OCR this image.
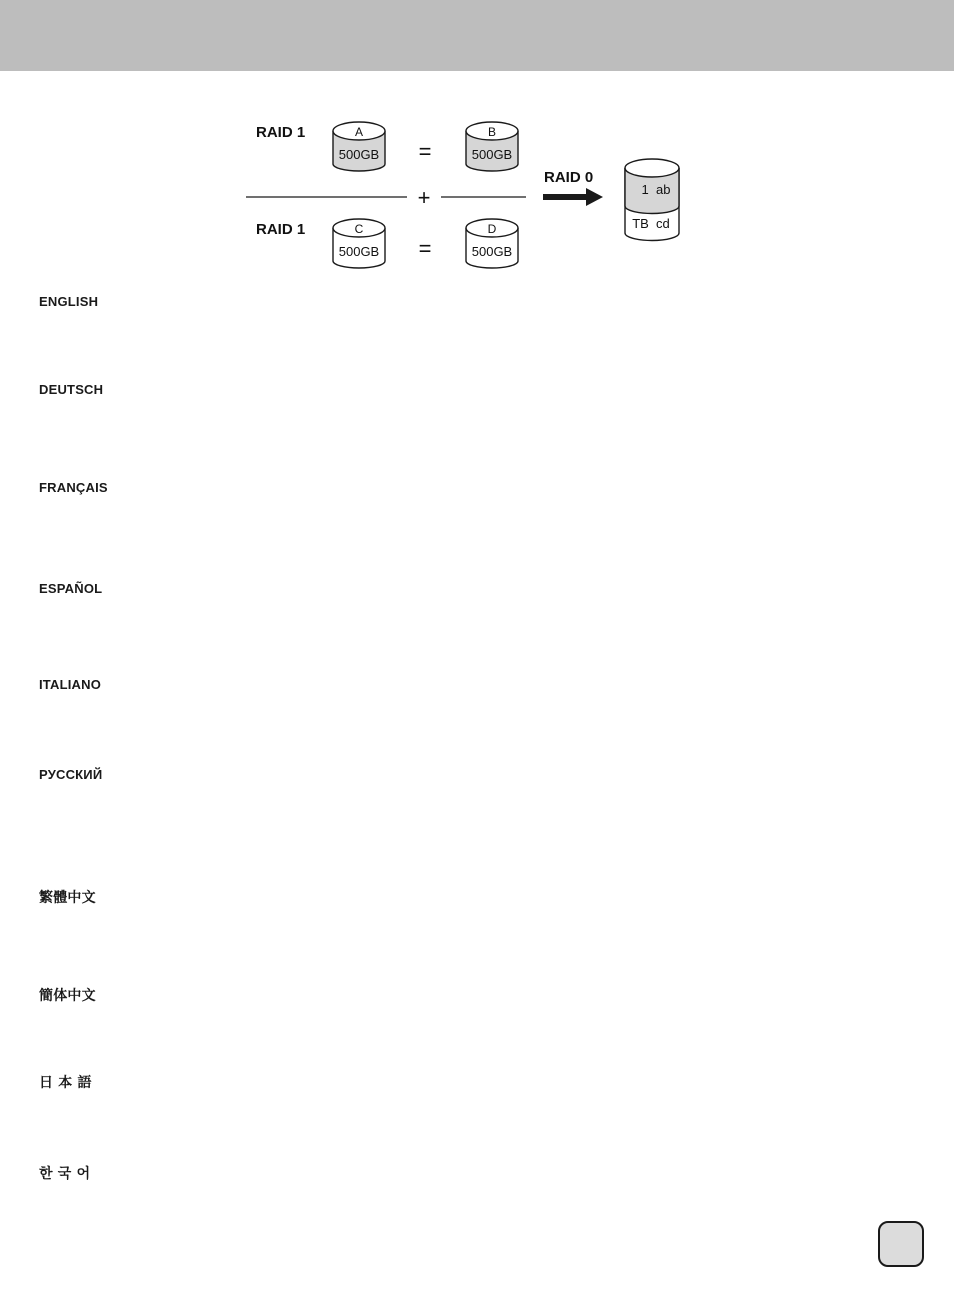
RAID 1	A
500GB =
B
500GB
+
RAID 1	C
500GB =
D
500GB
RAID 0
1  ab
TB  cd
ENGLISH
DEUTSCH
FRANÇAIS
ESPAÑOL
ITALIANO
РУССКИЙ
繁體中文
簡体中文
日 本 語
한 국 어
